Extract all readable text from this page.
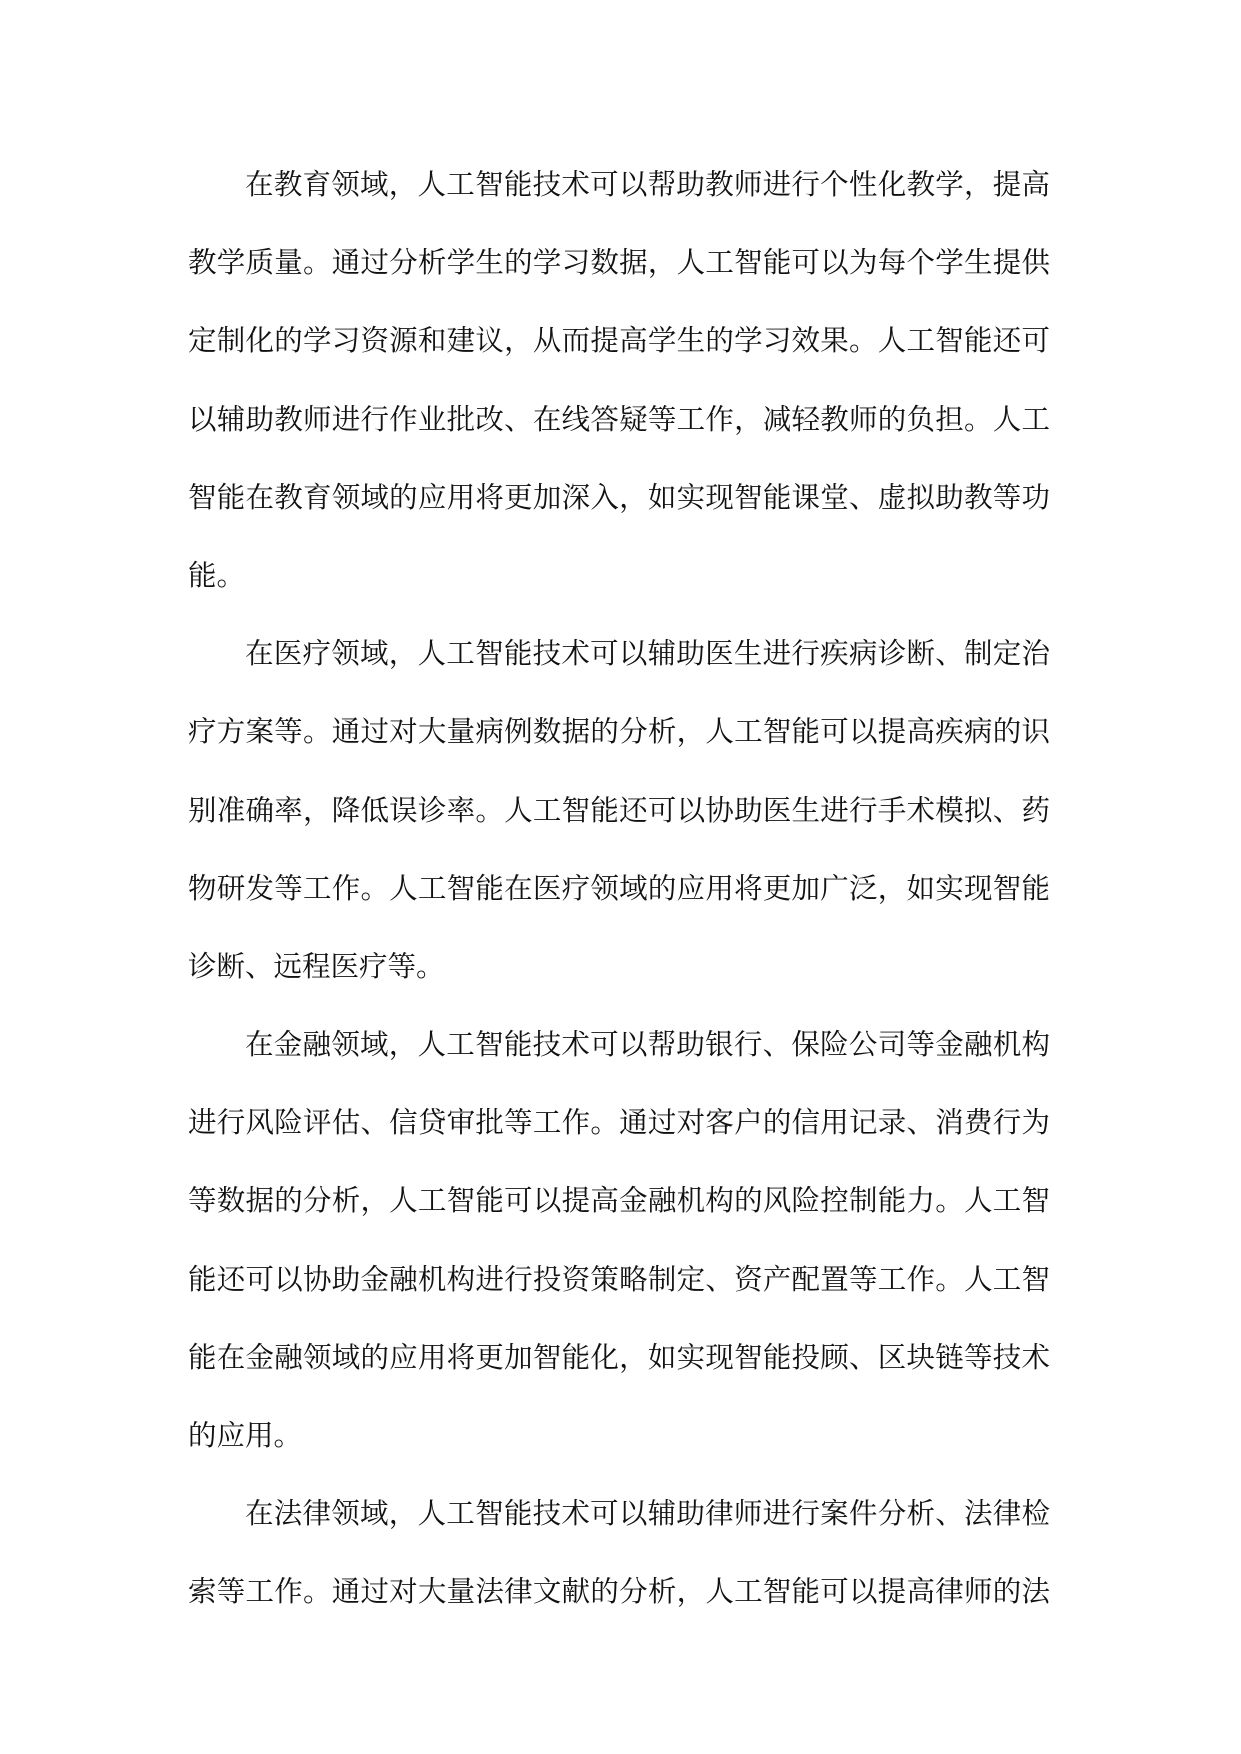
在教育领域，人工智能技术可以帮助教师进行个性化教学，提高
教学质量。通过分析学生的学习数据，人工智能可以为每个学生提供
定制化的学习资源和建议，从而提高学生的学习效果。人工智能还可
以辅助教师进行作业批改、在线答疑等工作，减轻教师的负担。人工
智能在教育领域的应用将更加深入，如实现智能课堂、虚拟助教等功
能。
在医疗领域，人工智能技术可以辅助医生进行疾病诊断、制定治
疗方案等。通过对大量病例数据的分析，人工智能可以提高疾病的识
别准确率，降低误诊率。人工智能还可以协助医生进行手术模拟、药
物研发等工作。人工智能在医疗领域的应用将更加广泛，如实现智能
诊断、远程医疗等。
在金融领域，人工智能技术可以帮助银行、保险公司等金融机构
进行风险评估、信贷审批等工作。通过对客户的信用记录、消费行为
等数据的分析，人工智能可以提高金融机构的风险控制能力。人工智
能还可以协助金融机构进行投资策略制定、资产配置等工作。人工智
能在金融领域的应用将更加智能化，如实现智能投顾、区块链等技术
的应用。
在法律领域，人工智能技术可以辅助律师进行案件分析、法律检
索等工作。通过对大量法律文献的分析，人工智能可以提高律师的法
